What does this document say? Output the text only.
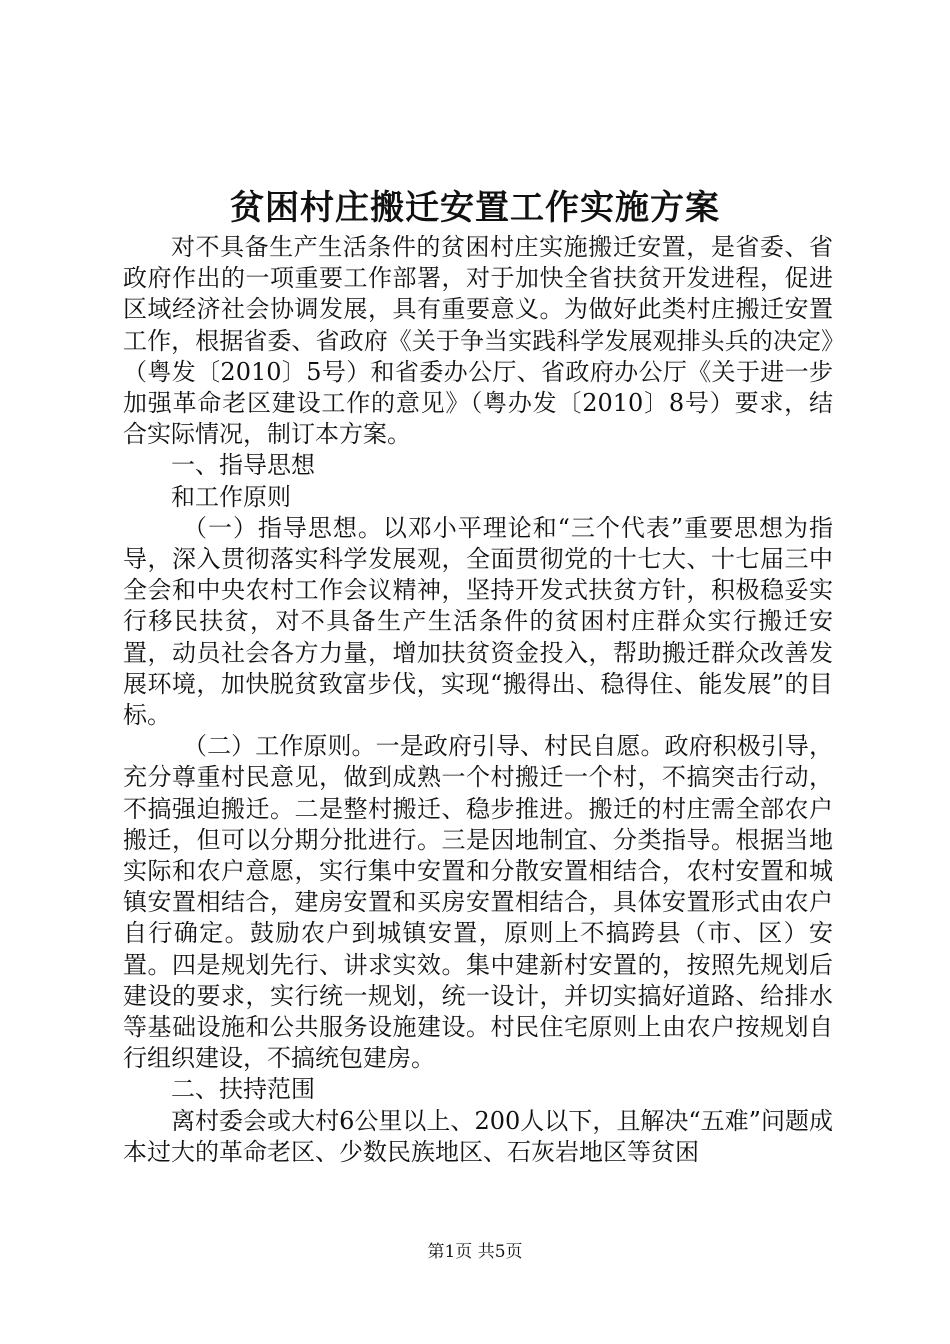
贫困村庄搬迁安置工作实施方案

对不具备生产生活条件的贫困村庄实施搬迁安置，是省委、省政府作出的一项重要工作部署，对于加快全省扶贫开发进程，促进区域经济社会协调发展，具有重要意义。为做好此类村庄搬迁安置工作，根据省委、省政府《关于争当实践科学发展观排头兵的决定》（粤发〔2010〕5号）和省委办公厅、省政府办公厅《关于进一步加强革命老区建设工作的意见》（粤办发〔2010〕8号）要求，结合实际情况，制订本方案。

一、指导思想

和工作原则

（一）指导思想。以邓小平理论和“三个代表”重要思想为指导，深入贯彻落实科学发展观，全面贯彻党的十七大、十七届三中全会和中央农村工作会议精神，坚持开发式扶贫方针，积极稳妥实行移民扶贫，对不具备生产生活条件的贫困村庄群众实行搬迁安置，动员社会各方力量，增加扶贫资金投入，帮助搬迁群众改善发展环境，加快脱贫致富步伐，实现“搬得出、稳得住、能发展”的目标。

（二）工作原则。一是政府引导、村民自愿。政府积极引导，充分尊重村民意见，做到成熟一个村搬迁一个村，不搞突击行动，不搞强迫搬迁。二是整村搬迁、稳步推进。搬迁的村庄需全部农户搬迁，但可以分期分批进行。三是因地制宜、分类指导。根据当地实际和农户意愿，实行集中安置和分散安置相结合，农村安置和城镇安置相结合，建房安置和买房安置相结合，具体安置形式由农户自行确定。鼓励农户到城镇安置，原则上不搞跨县（市、区）安置。四是规划先行、讲求实效。集中建新村安置的，按照先规划后建设的要求，实行统一规划，统一设计，并切实搞好道路、给排水等基础设施和公共服务设施建设。村民住宅原则上由农户按规划自行组织建设，不搞统包建房。

二、扶持范围

离村委会或大村6公里以上、200人以下，且解决“五难”问题成本过大的革命老区、少数民族地区、石灰岩地区等贫困

第1页 共5页
